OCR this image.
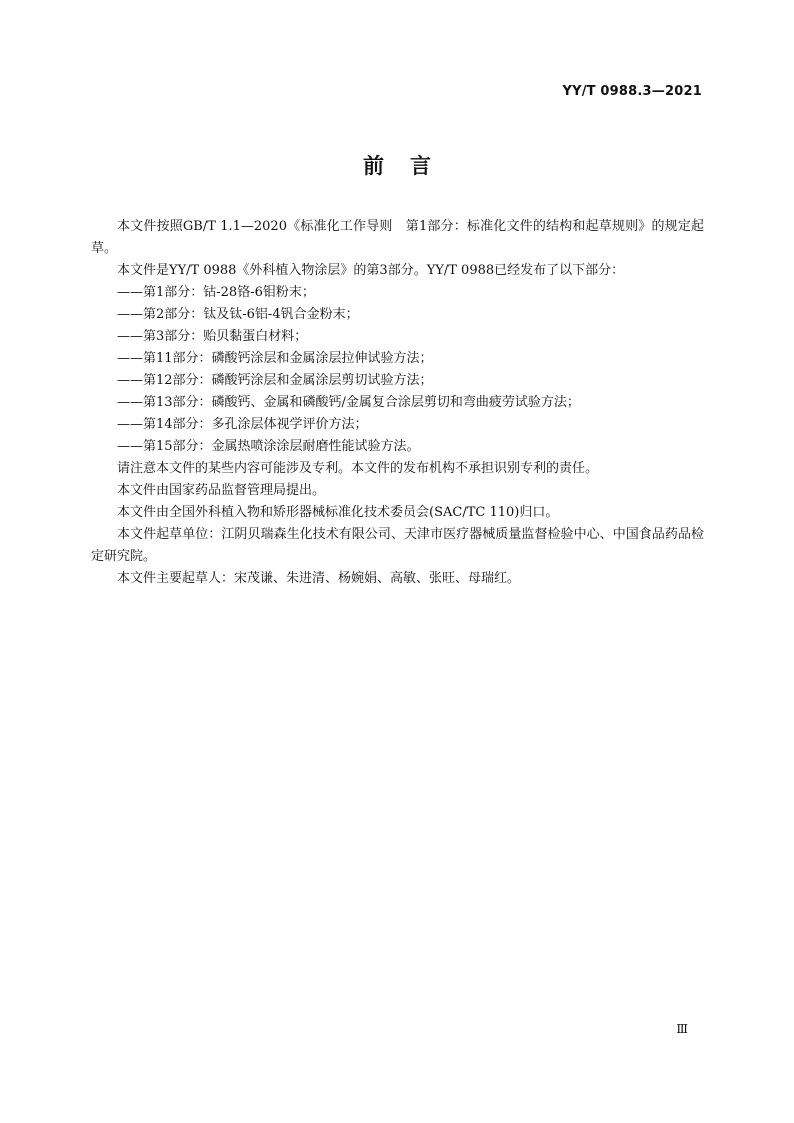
YY/T 0988.3—2021
前言

本文件按照GB/T 1.1—2020《标准化工作导则　第1部分：标准化文件的结构和起草规则》的规定起草。

本文件是YY/T 0988《外科植入物涂层》的第3部分。YY/T 0988已经发布了以下部分：

——第1部分：钴-28铬-6钼粉末；

——第2部分：钛及钛-6铝-4钒合金粉末；

——第3部分：贻贝黏蛋白材料；

——第11部分：磷酸钙涂层和金属涂层拉伸试验方法；

——第12部分：磷酸钙涂层和金属涂层剪切试验方法；

——第13部分：磷酸钙、金属和磷酸钙/金属复合涂层剪切和弯曲疲劳试验方法；

——第14部分：多孔涂层体视学评价方法；

——第15部分：金属热喷涂涂层耐磨性能试验方法。

请注意本文件的某些内容可能涉及专利。本文件的发布机构不承担识别专利的责任。

本文件由国家药品监督管理局提出。

本文件由全国外科植入物和矫形器械标准化技术委员会(SAC/TC 110)归口。

本文件起草单位：江阴贝瑞森生化技术有限公司、天津市医疗器械质量监督检验中心、中国食品药品检定研究院。

本文件主要起草人：宋茂谦、朱进清、杨婉娟、高敏、张旺、母瑞红。

Ⅲ
